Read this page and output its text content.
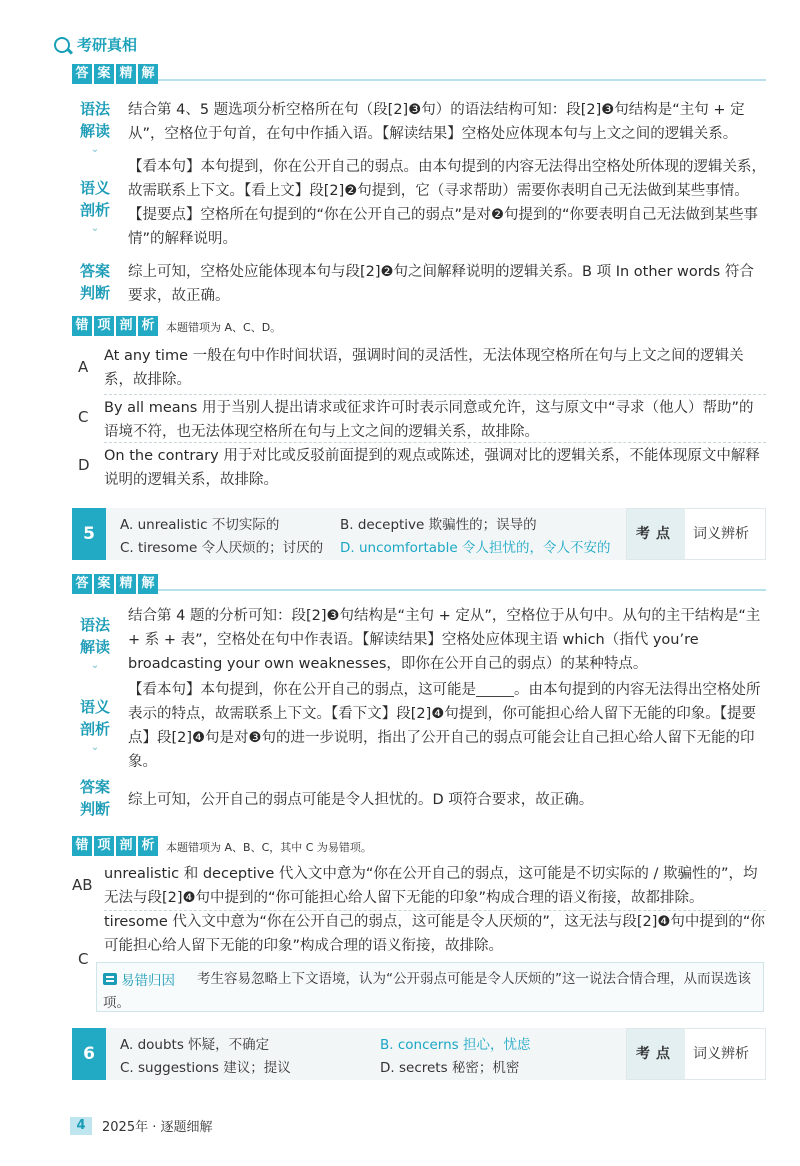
考研真相
答 案 精 解
语法
解读
⌄
结合第 4、5 题选项分析空格所在句（段[2]❸句）的语法结构可知：段[2]❸句结构是“主句 + 定从”，空格位于句首，在句中作插入语。【解读结果】空格处应体现本句与上文之间的逻辑关系。
语义
剖析
⌄
【看本句】本句提到，你在公开自己的弱点。由本句提到的内容无法得出空格处所体现的逻辑关系，故需联系上下文。【看上文】段[2]❷句提到，它（寻求帮助）需要你表明自己无法做到某些事情。【提要点】空格所在句提到的“你在公开自己的弱点”是对❷句提到的“你要表明自己无法做到某些事情”的解释说明。
答案
判断
综上可知，空格处应能体现本句与段[2]❷句之间解释说明的逻辑关系。B 项 In other words 符合要求，故正确。
错 项 剖 析	本题错项为 A、C、D。
A
At any time 一般在句中作时间状语，强调时间的灵活性，无法体现空格所在句与上文之间的逻辑关系，故排除。
C By all means 用于当别人提出请求或征求许可时表示同意或允许，这与原文中“寻求（他人）帮助”的语境不符，也无法体现空格所在句与上文之间的逻辑关系，故排除。
D On the contrary 用于对比或反驳前面提到的观点或陈述，强调对比的逻辑关系，不能体现原文中解释说明的逻辑关系，故排除。
5	A. unrealistic 不切实际的	B. deceptive 欺骗性的；误导的
C. tiresome 令人厌烦的；讨厌的 D. uncomfortable 令人担忧的，令人不安的
考点	词义辨析
答 案 精 解
语法
解读
⌄
结合第 4 题的分析可知：段[2]❸句结构是“主句 + 定从”，空格位于从句中。从句的主干结构是“主 + 系 + 表”，空格处在句中作表语。【解读结果】空格处应体现主语 which（指代 you’re broadcasting your own weaknesses，即你在公开自己的弱点）的某种特点。
语义
剖析
⌄
【看本句】本句提到，你在公开自己的弱点，这可能是	。由本句提到的内容无法得出空格处所表示的特点，故需联系上下文。【看下文】段[2]❹句提到，你可能担心给人留下无能的印象。【提要点】段[2]❹句是对❸句的进一步说明，指出了公开自己的弱点可能会让自己担心给人留下无能的印象。
答案
判断	综上可知，公开自己的弱点可能是令人担忧的。D 项符合要求，故正确。
错 项 剖 析	本题错项为 A、B、C，其中 C 为易错项。
AB
unrealistic 和 deceptive 代入文中意为“你在公开自己的弱点，这可能是不切实际的 / 欺骗性的”，均无法与段[2]❹句中提到的“你可能担心给人留下无能的印象”构成合理的语义衔接，故都排除。
C
tiresome 代入文中意为“你在公开自己的弱点，这可能是令人厌烦的”，这无法与段[2]❹句中提到的“你可能担心给人留下无能的印象”构成合理的语义衔接，故排除。
易错归因	考生容易忽略上下文语境，认为“公开弱点可能是令人厌烦的”这一说法合情合理，从而误选该项。
6	A. doubts 怀疑，不确定	B. concerns 担心，忧虑
C. suggestions 建议；提议	D. secrets 秘密；机密
考点	词义辨析
4	2025年 · 逐题细解
